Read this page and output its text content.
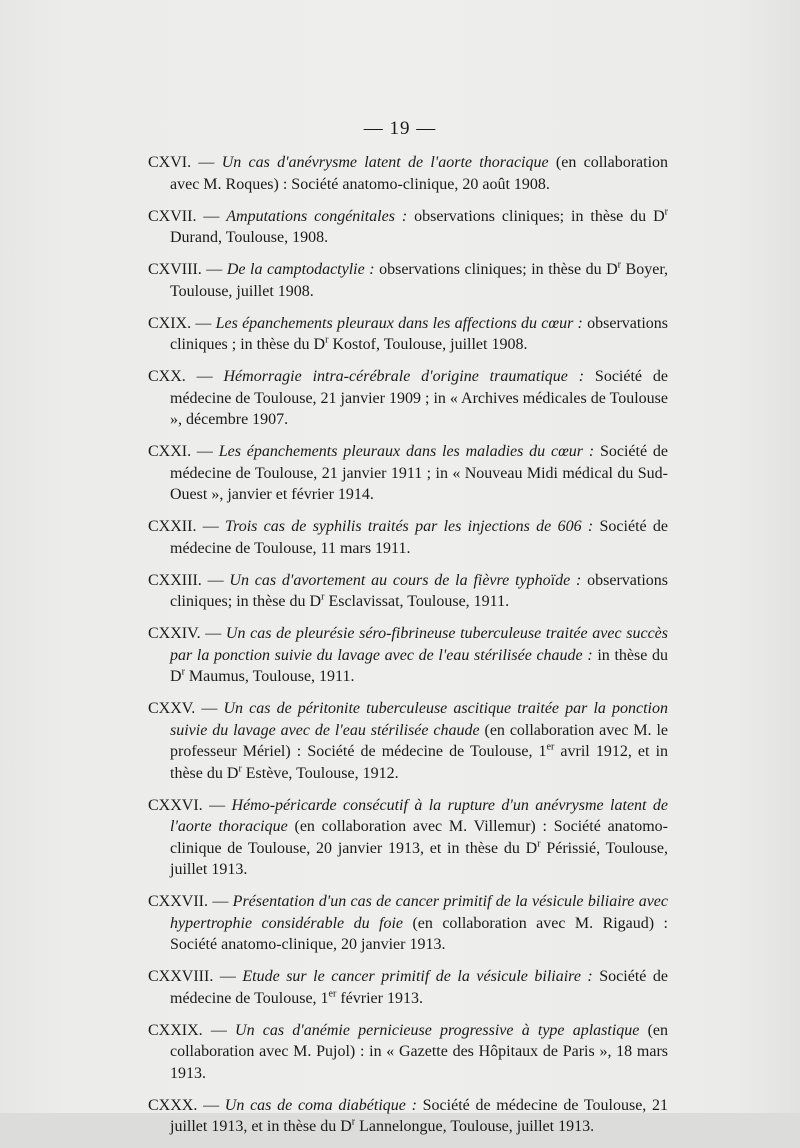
— 19 —

CXVI. — Un cas d'anévrysme latent de l'aorte thoracique (en collaboration avec M. Roques) : Société anatomo-clinique, 20 août 1908.

CXVII. — Amputations congénitales : observations cliniques; in thèse du $D^r$ Durand, Toulouse, 1908.

CXVIII. — De la camptodactylie : observations cliniques; in thèse du $D^r$ Boyer, Toulouse, juillet 1908.

CXIX. — Les épanchements pleuraux dans les affections du cœur : observations cliniques ; in thèse du $D^r$ Kostof, Toulouse, juillet 1908.

CXX. — Hémorragie intra-cérébrale d'origine traumatique : Société de médecine de Toulouse, 21 janvier 1909 ; in « Archives médicales de Toulouse », décembre 1907.

CXXI. — Les épanchements pleuraux dans les maladies du cœur : Société de médecine de Toulouse, 21 janvier 1911 ; in « Nouveau Midi médical du Sud-Ouest », janvier et février 1914.

CXXII. — Trois cas de syphilis traités par les injections de 606 : Société de médecine de Toulouse, 11 mars 1911.

CXXIII. — Un cas d'avortement au cours de la fièvre typhoïde : observations cliniques; in thèse du $D^r$ Esclavissat, Toulouse, 1911.

CXXIV. — Un cas de pleurésie séro-fibrineuse tuberculeuse traitée avec succès par la ponction suivie du lavage avec de l'eau stérilisée chaude : in thèse du $D^r$ Maumus, Toulouse, 1911.

CXXV. — Un cas de péritonite tuberculeuse ascitique traitée par la ponction suivie du lavage avec de l'eau stérilisée chaude (en collaboration avec M. le professeur Mériel) : Société de médecine de Toulouse, 1er avril 1912, et in thèse du $D^r$ Estève, Toulouse, 1912.

CXXVI. — Hémo-péricarde consécutif à la rupture d'un anévrysme latent de l'aorte thoracique (en collaboration avec M. Villemur) : Société anatomo-clinique de Toulouse, 20 janvier 1913, et in thèse du $D^r$ Périssié, Toulouse, juillet 1913.

CXXVII. — Présentation d'un cas de cancer primitif de la vésicule biliaire avec hypertrophie considérable du foie (en collaboration avec M. Rigaud) : Société anatomo-clinique, 20 janvier 1913.

CXXVIII. — Etude sur le cancer primitif de la vésicule biliaire : Société de médecine de Toulouse, 1er février 1913.

CXXIX. — Un cas d'anémie pernicieuse progressive à type aplastique (en collaboration avec M. Pujol) : in « Gazette des Hôpitaux de Paris », 18 mars 1913.

CXXX. — Un cas de coma diabétique : Société de médecine de Toulouse, 21 juillet 1913, et in thèse du $D^r$ Lannelongue, Toulouse, juillet 1913.
